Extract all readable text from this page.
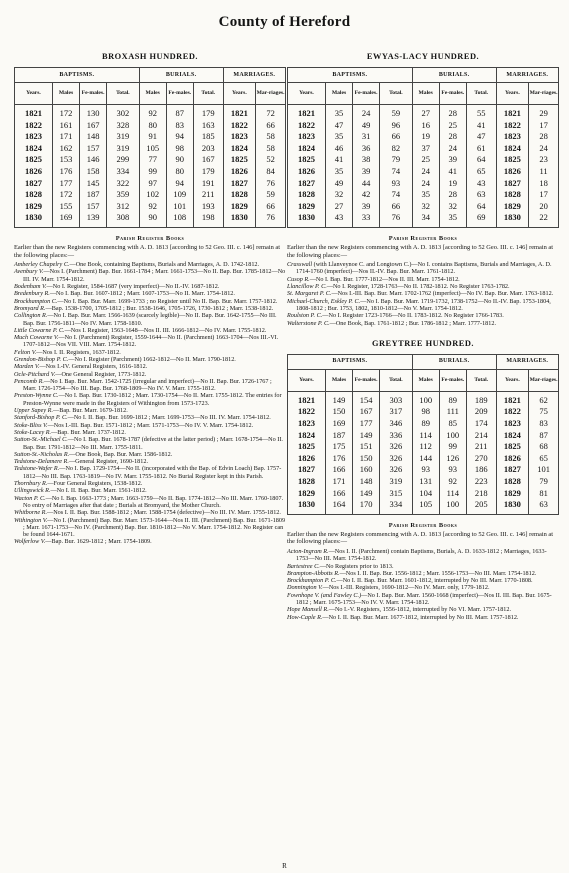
County of Hereford
BROXASH HUNDRED.
BAPTISMS.				BURIALS.			MARRIAGES.	
Years.	Males	Fe-males.	Total.	Males	Fe-males.	Total.	Years.	Mar-riages.
1821	172	130	302	92	87	179	1821	72
1822	161	167	328	80	83	163	1822	66
1823	171	148	319	91	94	185	1823	58
1824	162	157	319	105	98	203	1824	58
1825	153	146	299	77	90	167	1825	52
1826	176	158	334	99	80	179	1826	84
1827	177	145	322	97	94	191	1827	76
1828	172	187	359	102	109	211	1828	59
1829	155	157	312	92	101	193	1829	66
1830	169	139	308	90	108	198	1830	76
Parish Register Books

Earlier than the new Registers commencing with A. D. 1813 [according to 52 Geo. III. c. 146] remain at the following places:—

Amberley Chapelry C.—One Book, containing Baptisms, Burials and Marriages, A. D. 1742-1812.

Avenbury V.—Nos I. (Parchment) Bap. Bur. 1661-1784 ; Marr. 1661-1753—No II. Bap. Bur. 1785-1812—No III. IV. Marr. 1754-1812.

Bodenham V.—No I. Register, 1584-1687 (very imperfect)—No II.-IV. 1687-1812.

Bredenbury R.—No I. Bap. Bur. 1607-1812 ; Marr. 1607-1753—No II. Marr. 1754-1812.

Brockhampton C.—No I. Bap. Bur. Marr. 1699-1733 ; no Register until No II. Bap. Bur. Marr. 1757-1812.

Bromyard R.—Bap. 1538-1700, 1705-1812 ; Bur. 1538-1646, 1705-1726, 1730-1812 ; Marr. 1538-1812.

Collington R.—No I. Bap. Bur. Marr. 1566-1639 (scarcely legible)—No II. Bap. Bur. 1642-1755—No III. Bap. Bur. 1756-1811—No IV. Marr. 1758-1810.

Little Cowarne P. C.—Nos I. Register, 1563-1648—Nos II. III. 1666-1812—No IV. Marr. 1755-1812.

Much Cowarne V.—No I. (Parchment) Register, 1559-1644—No II. (Parchment) 1663-1704—Nos III.-VI. 1707-1812—Nos VII. VIII. Marr. 1754-1812.

Felton V.—Nos I. II. Registers, 1637-1812.

Grendon-Bishop P. C.—No I. Register (Parchment) 1662-1812—No II. Marr. 1790-1812.

Marden V.—Nos I.-IV. General Registers, 1616-1812.

Ocle-Pitchard V.—One General Register, 1773-1812.

Pencomb R.—No I. Bap. Bur. Marr. 1542-1725 (irregular and imperfect)—No II. Bap. Bur. 1726-1767 ; Marr. 1726-1754—No III. Bap. Bur. 1768-1809—No IV. V. Marr. 1755-1812.

Preston-Wynne C.—No I. Bap. Bur. 1730-1812 ; Marr. 1730-1754—No II. Marr. 1755-1812. The entries for Preston-Wynne were made in the Registers of Withington from 1573-1723.

Upper Sapey R.—Bap. Bur. Marr. 1679-1812.

Stanford-Bishop P. C.—No I. II. Bap. Bur. 1699-1812 ; Marr. 1699-1753—No III. IV. Marr. 1754-1812.

Stoke-Bliss V.—Nos I.-III. Bap. Bur. 1571-1812 ; Marr. 1571-1753—No IV. V. Marr. 1754-1812.

Stoke-Lacey R.—Bap. Bur. Marr. 1737-1812.

Sutton-St.-Michael C.—No I. Bap. Bur. 1678-1787 (defective at the latter period) ; Marr. 1678-1754—No II. Bap. Bur. 1791-1812—No III. Marr. 1755-1811.

Sutton-St.-Nicholas R.—One Book, Bap. Bur. Marr. 1586-1812.

Tedstone-Delamere R.—General Register, 1690-1812.

Tedstone-Wafer R.—No I. Bap. 1729-1754—No II. (incorporated with the Bap. of Edvin Loach) Bap. 1757-1812—No III. Bap. 1763-1819—No IV. Marr. 1755-1812. No Burial Register kept in this Parish.

Thornbury R.—Four General Registers, 1538-1812.

Ullingswick R.—No I. II. Bap. Bur. Marr. 1561-1812.

Wacton P. C.—No I. Bap. 1663-1773 ; Marr. 1663-1759—No II. Bap. 1774-1812—No III. Marr. 1760-1807. No entry of Marriages after that date ; Burials at Bromyard, the Mother Church.

Whitborne R.—Nos I. II. Bap. Bur. 1588-1812 ; Marr. 1588-1754 (defective)—No III. IV. Marr. 1755-1812.

Withington V.—No I. (Parchment) Bap. Bur. Marr. 1573-1644—Nos II. III. (Parchment) Bap. Bur. 1671-1809 ; Marr. 1671-1753—No IV. (Parchment) Bap. Bur. 1810-1812—No V. Marr. 1754-1812. No Register can be found 1644-1671.

Wolferlow V.—Bap. Bur. 1629-1812 ; Marr. 1754-1809.

EWYAS-LACY HUNDRED.
BAPTISMS.				BURIALS.			MARRIAGES.	
Years.	Males	Fe-males.	Total.	Males	Fe-males.	Total.	Years.	Mar-riages.
1821	35	24	59	27	28	55	1821	29
1822	47	49	96	16	25	41	1822	17
1823	35	31	66	19	28	47	1823	28
1824	46	36	82	37	24	61	1824	24
1825	41	38	79	25	39	64	1825	23
1826	35	39	74	24	41	65	1826	11
1827	49	44	93	24	19	43	1827	18
1828	32	42	74	35	28	63	1828	17
1829	27	39	66	32	32	64	1829	20
1830	43	33	76	34	35	69	1830	22
Parish Register Books

Earlier than the new Registers commencing with A. D. 1813 [according to 52 Geo. III. c. 146] remain at the following places:—

Crasswall (with Llanveynoe C. and Longtown C.)—No I. contains Baptisms, Burials and Marriages, A. D. 1714-1760 (imperfect)—Nos II.-IV. Bap. Bur. Marr. 1761-1812.

Cusop R.—No I. Bap. Bur. 1777-1812—Nos II. III. Marr. 1754-1812.

Llancillow P. C.—No I. Register, 1728-1763—No II. 1782-1812. No Register 1763-1782.

St. Margaret P. C.—Nos I.-III. Bap. Bur. Marr. 1702-1762 (imperfect)—No IV. Bap. Bur. Marr. 1763-1812.

Michael-Church, Eskley P. C.—No I. Bap. Bur. Marr. 1719-1732, 1738-1752—No II.-IV. Bap. 1753-1804, 1808-1812 ; Bur. 1753, 1802, 1810-1812—No V. Marr. 1754-1812.

Roulston P. C.—No I. Register 1723-1766—No II. 1783-1812. No Register 1766-1783.

Walterstone P. C.—One Book, Bap. 1761-1812 ; Bur. 1786-1812 ; Marr. 1777-1812.

GREYTREE HUNDRED.
BAPTISMS.				BURIALS.			MARRIAGES.	
Years.	Males	Fe-males.	Total.	Males	Fe-males.	Total.	Years.	Mar-riages.
1821	149	154	303	100	89	189	1821	62
1822	150	167	317	98	111	209	1822	75
1823	169	177	346	89	85	174	1823	83
1824	187	149	336	114	100	214	1824	87
1825	175	151	326	112	99	211	1825	68
1826	176	150	326	144	126	270	1826	65
1827	166	160	326	93	93	186	1827	101
1828	171	148	319	131	92	223	1828	79
1829	166	149	315	104	114	218	1829	81
1830	164	170	334	105	100	205	1830	63
Parish Register Books

Earlier than the new Registers commencing with A. D. 1813 [according to 52 Geo. III. c. 146] remain at the following places:—

Acton-Ingram R.—Nos I. II. (Parchment) contain Baptisms, Burials, A. D. 1633-1812 ; Marriages, 1633-1753—No III. Marr. 1754-1812.

Bartestree C.—No Registers prior to 1813.

Brampton-Abbotts R.—Nos I. II. Bap. Bur. 1556-1812 ; Marr. 1556-1753—No III. Marr. 1754-1812.

Brockhampton P. C.—No I. II. Bap. Bur. Marr. 1601-1812, interrupted by No III. Marr. 1770-1808.

Donnington V.—Nos I.-III. Registers, 1690-1812—No IV. Marr. only, 1779-1812.

Fownhope V. (and Fawley C.)—No I. Bap. Bur. Marr. 1560-1668 (imperfect)—Nos II. III. Bap. Bur. 1675-1812 ; Marr. 1675-1753—No IV. V. Marr. 1754-1812.

Hope Mansell R.—No I.-V. Registers, 1556-1812, interrupted by No VI. Marr. 1757-1812.

How-Caple R.—No I. II. Bap. Bur. Marr. 1677-1812, interrupted by No III. Marr. 1757-1812.

R
